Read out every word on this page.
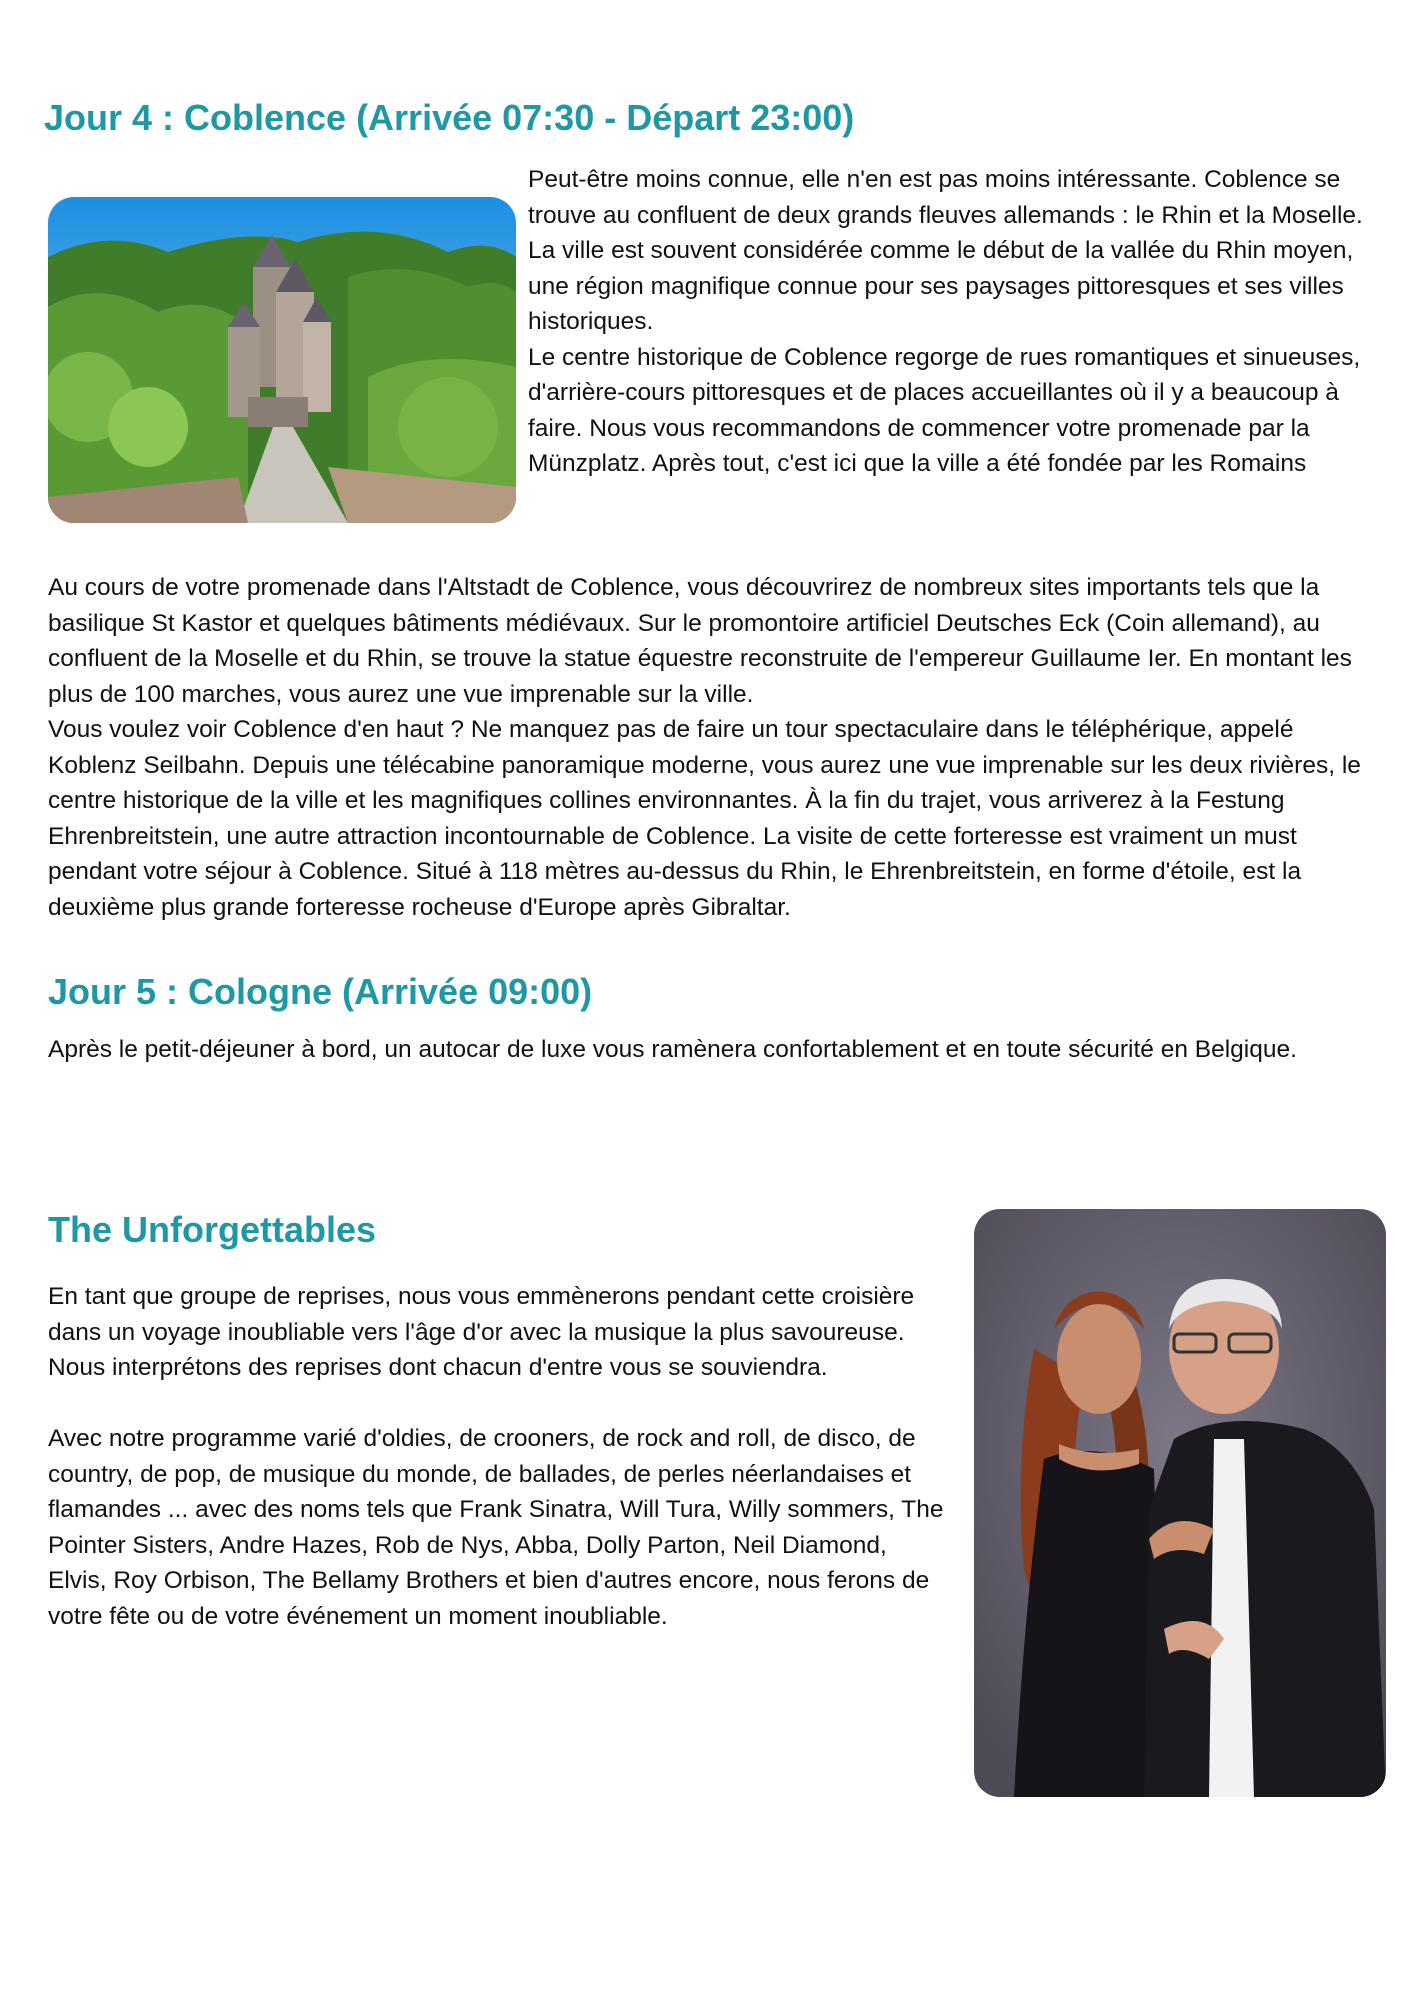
Jour 4 : Coblence (Arrivée 07:30 - Départ 23:00)

Peut-être moins connue, elle n'en est pas moins intéressante. Coblence se trouve au confluent de deux grands fleuves allemands : le Rhin et la Moselle.

La ville est souvent considérée comme le début de la vallée du Rhin moyen, une région magnifique connue pour ses paysages pittoresques et ses villes historiques.

Le centre historique de Coblence regorge de rues romantiques et sinueuses, d'arrière-cours pittoresques et de places accueillantes où il y a beaucoup à faire. Nous vous recommandons de commencer votre promenade par la Münzplatz. Après tout, c'est ici que la ville a été fondée par les Romains

Au cours de votre promenade dans l'Altstadt de Coblence, vous découvrirez de nombreux sites importants tels que la basilique St Kastor et quelques bâtiments médiévaux. Sur le promontoire artificiel Deutsches Eck (Coin allemand), au confluent de la Moselle et du Rhin, se trouve la statue équestre reconstruite de l'empereur Guillaume Ier. En montant les plus de 100 marches, vous aurez une vue imprenable sur la ville.

Vous voulez voir Coblence d'en haut ? Ne manquez pas de faire un tour spectaculaire dans le téléphérique, appelé Koblenz Seilbahn. Depuis une télécabine panoramique moderne, vous aurez une vue imprenable sur les deux rivières, le centre historique de la ville et les magnifiques collines environnantes. À la fin du trajet, vous arriverez à la Festung Ehrenbreitstein, une autre attraction incontournable de Coblence. La visite de cette forteresse est vraiment un must pendant votre séjour à Coblence. Situé à 118 mètres au-dessus du Rhin, le Ehrenbreitstein, en forme d'étoile, est la deuxième plus grande forteresse rocheuse d'Europe après Gibraltar.

Jour 5 : Cologne (Arrivée 09:00)
Après le petit-déjeuner à bord, un autocar de luxe vous ramènera confortablement et en toute sécurité en Belgique.
The Unforgettables

En tant que groupe de reprises, nous vous emmènerons pendant cette croisière dans un voyage inoubliable vers l'âge d'or avec la musique la plus savoureuse. Nous interprétons des reprises dont chacun d'entre vous se souviendra.

Avec notre programme varié d'oldies, de crooners, de rock and roll, de disco, de country, de pop, de musique du monde, de ballades, de perles néerlandaises et flamandes ... avec des noms tels que Frank Sinatra, Will Tura, Willy sommers, The Pointer Sisters, Andre Hazes, Rob de Nys, Abba, Dolly Parton, Neil Diamond, Elvis, Roy Orbison, The Bellamy Brothers et bien d'autres encore, nous ferons de votre fête ou de votre événement un moment inoubliable.
